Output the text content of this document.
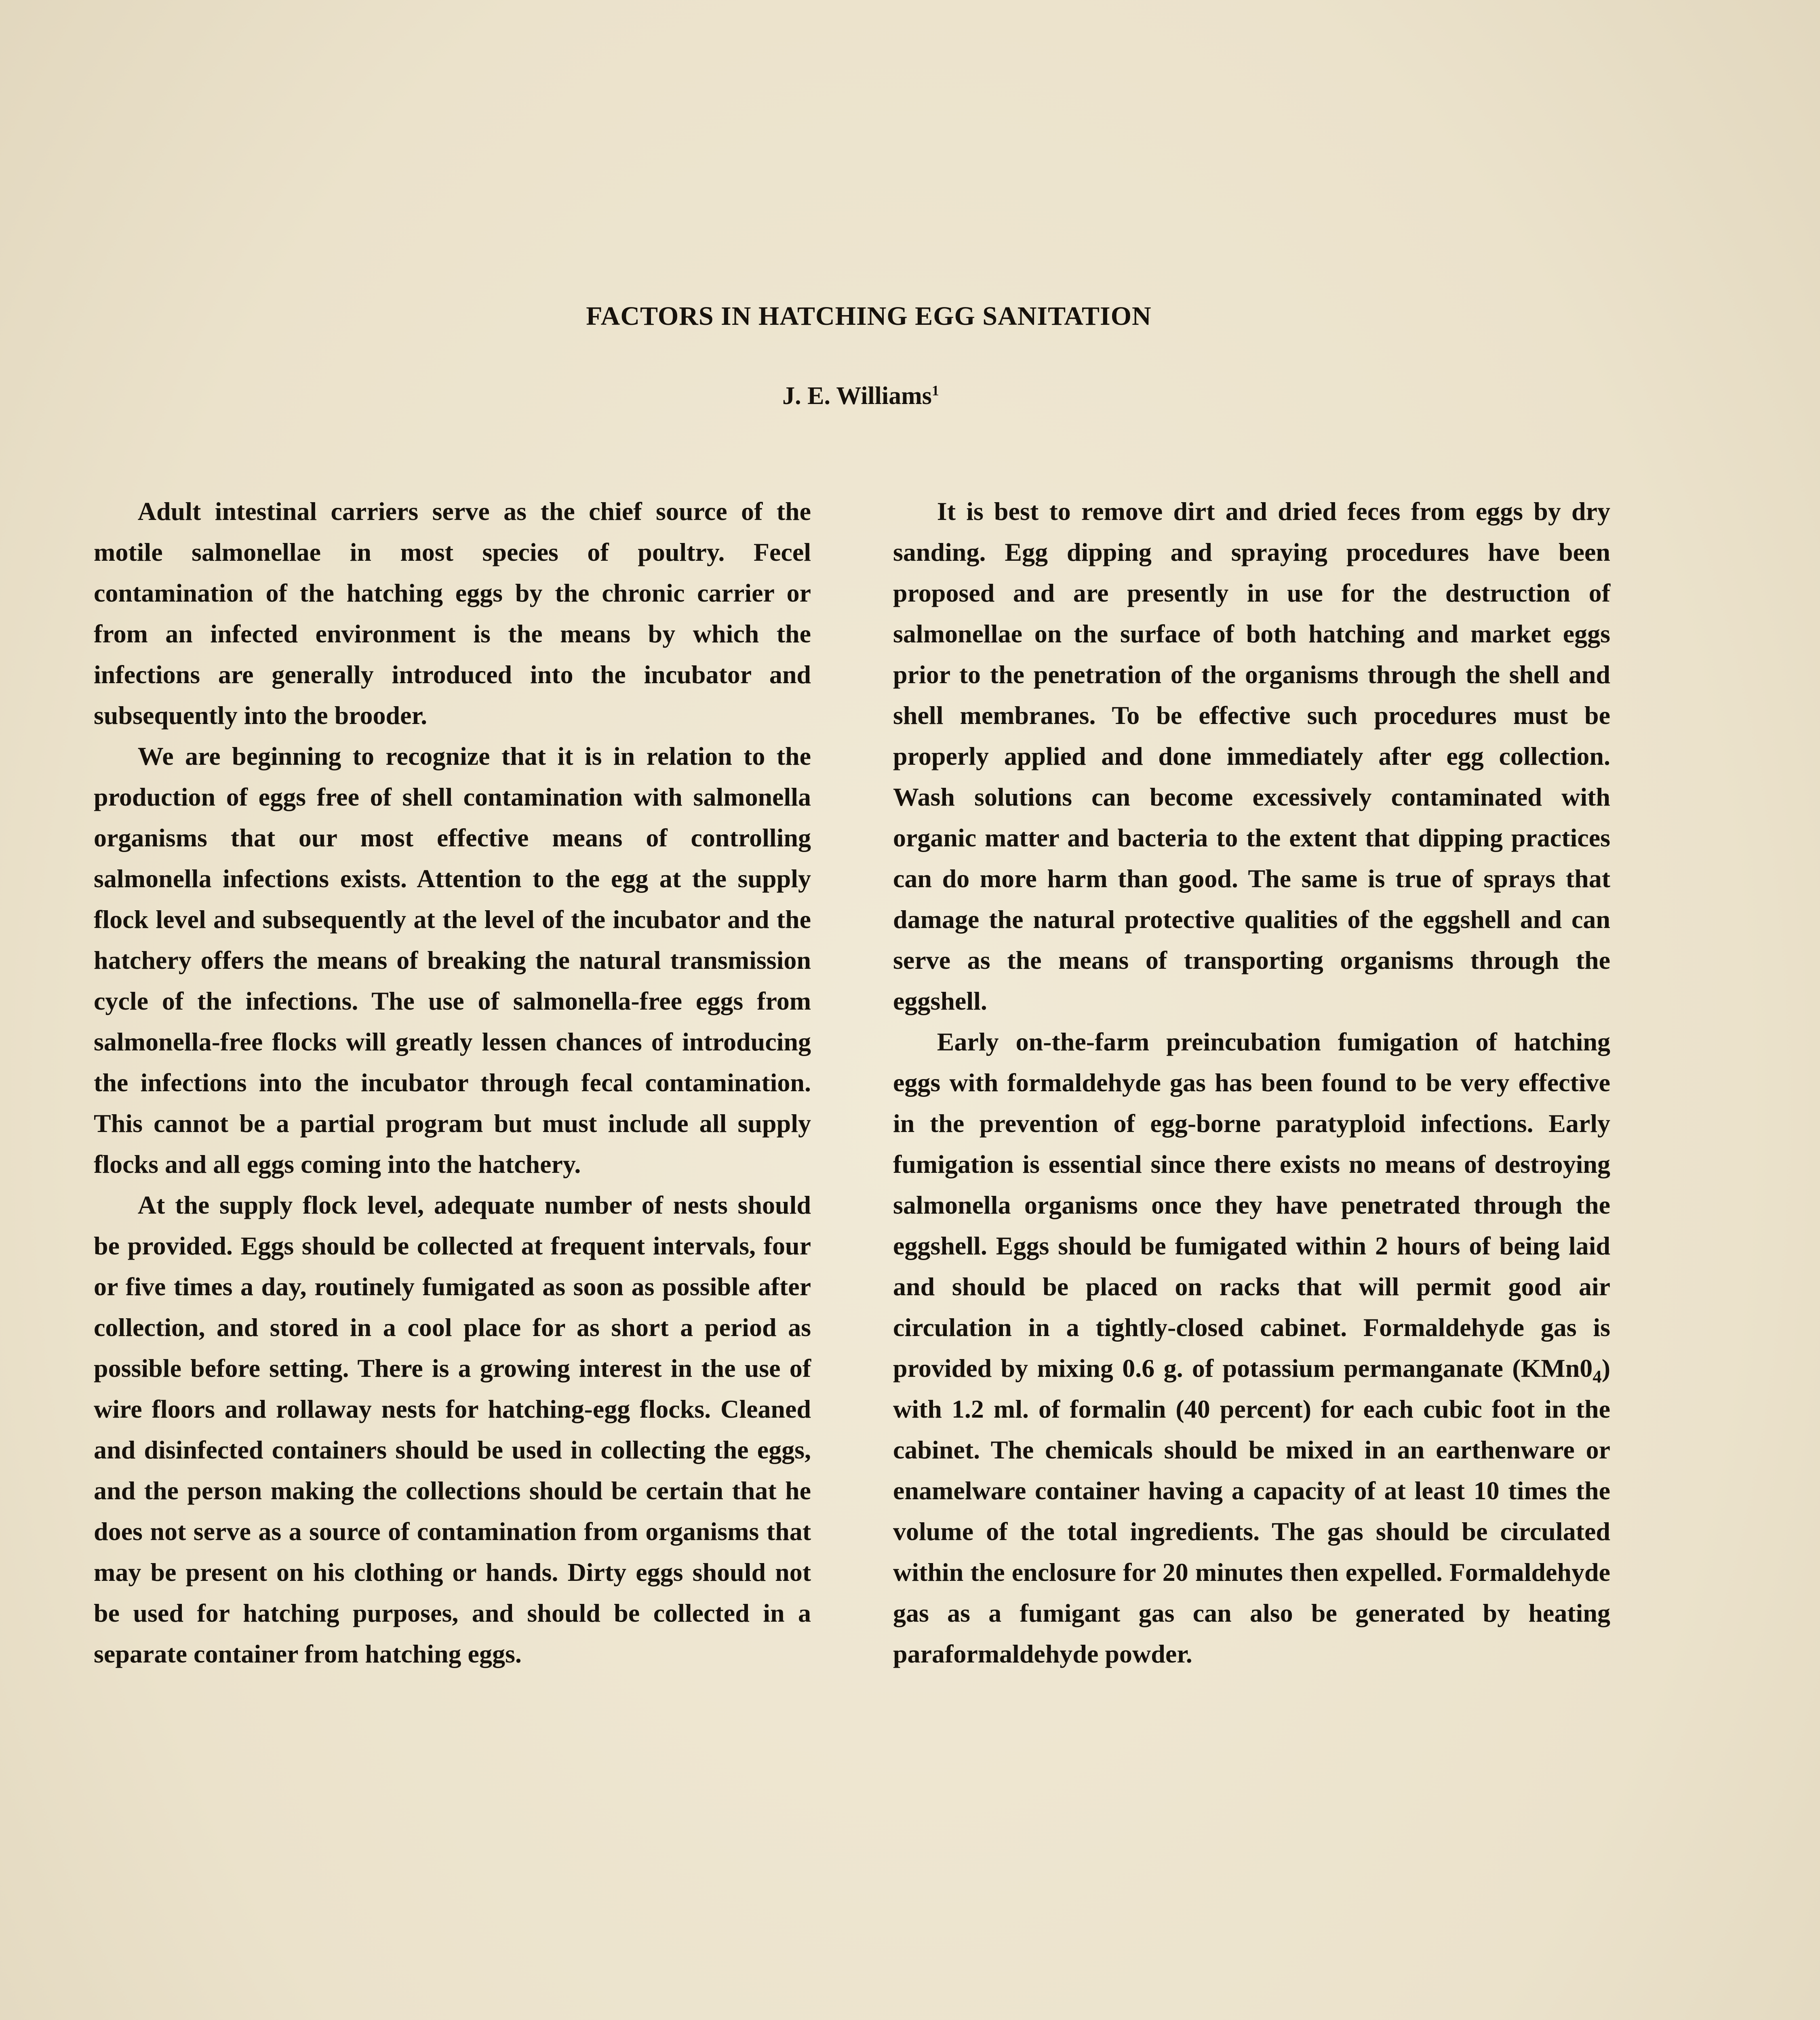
FACTORS IN HATCHING EGG SANITATION
J. E. Williams$^1$

Adult intestinal carriers serve as the chief source of the motile salmonellae in most species of poultry. Fecel contamination of the hatching eggs by the chronic carrier or from an infected environment is the means by which the infections are generally introduced into the incubator and subsequently into the brooder.

We are beginning to recognize that it is in relation to the production of eggs free of shell contamination with salmonella organisms that our most effective means of controlling salmonella infections exists. Attention to the egg at the supply flock level and subsequently at the level of the incubator and the hatchery offers the means of breaking the natural transmission cycle of the infections. The use of salmonella-free eggs from salmonella-free flocks will greatly lessen chances of introducing the infections into the incubator through fecal contamination. This cannot be a partial program but must include all supply flocks and all eggs coming into the hatchery.

At the supply flock level, adequate number of nests should be provided. Eggs should be collected at frequent intervals, four or five times a day, routinely fumigated as soon as possible after collection, and stored in a cool place for as short a period as possible before setting. There is a growing interest in the use of wire floors and rollaway nests for hatching-egg flocks. Cleaned and disinfected containers should be used in collecting the eggs, and the person making the collections should be certain that he does not serve as a source of contamination from organisms that may be present on his clothing or hands. Dirty eggs should not be used for hatching purposes, and should be collected in a separate container from hatching eggs.

It is best to remove dirt and dried feces from eggs by dry sanding. Egg dipping and spraying procedures have been proposed and are presently in use for the destruction of salmonellae on the surface of both hatching and market eggs prior to the penetration of the organisms through the shell and shell membranes. To be effective such procedures must be properly applied and done immediately after egg collection. Wash solutions can become excessively contaminated with organic matter and bacteria to the extent that dipping practices can do more harm than good. The same is true of sprays that damage the natural protective qualities of the eggshell and can serve as the means of transporting organisms through the eggshell.

Early on-the-farm preincubation fumigation of hatching eggs with formaldehyde gas has been found to be very effective in the prevention of egg-borne paratyploid infections. Early fumigation is essential since there exists no means of destroying salmonella organisms once they have penetrated through the eggshell. Eggs should be fumigated within 2 hours of being laid and should be placed on racks that will permit good air circulation in a tightly-closed cabinet. Formaldehyde gas is provided by mixing 0.6 g. of potassium permanganate $(KMn0_4)$ with 1.2 ml. of formalin (40 percent) for each cubic foot in the cabinet. The chemicals should be mixed in an earthenware or enamelware container having a capacity of at least 10 times the volume of the total ingredients. The gas should be circulated within the enclosure for 20 minutes then expelled. Formaldehyde gas as a fumigant gas can also be generated by heating paraformaldehyde powder.
